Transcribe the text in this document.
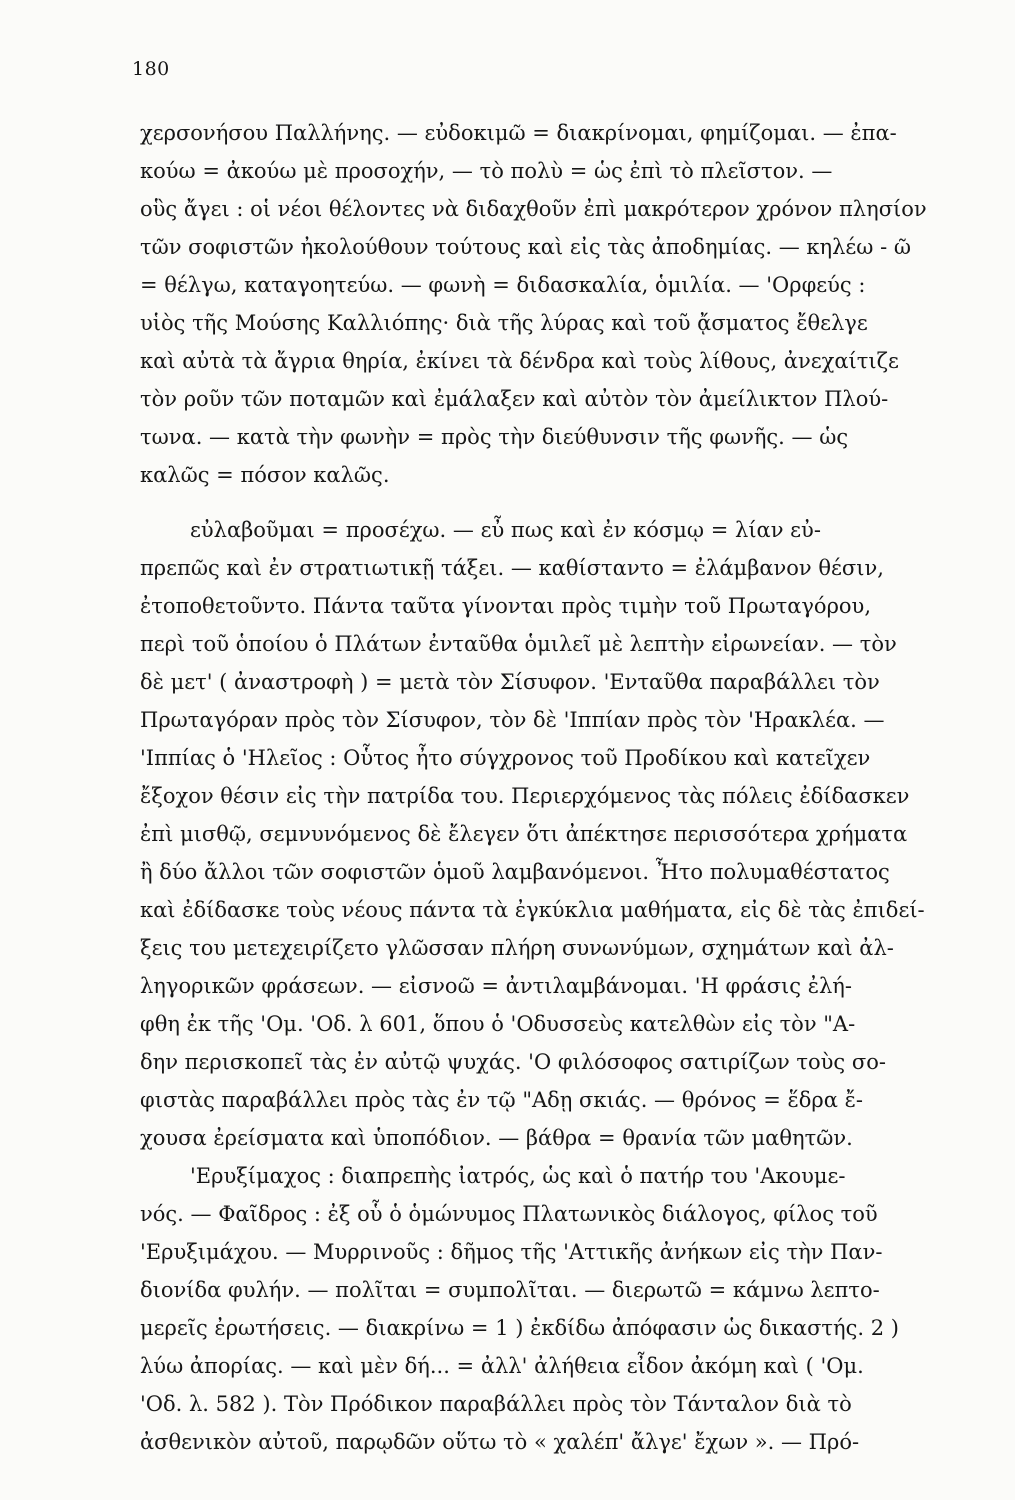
180
χερσονήσου Παλλήνης. — εὐδοκιμῶ = διακρίνομαι, φημίζομαι. — ἐπα-
κούω = ἀκούω μὲ προσοχήν, — τὸ πολὺ = ὡς ἐπὶ τὸ πλεῖστον. —
οὓς ἄγει : οἱ νέοι θέλοντες νὰ διδαχθοῦν ἐπὶ μακρότερον χρόνον πλησίον
τῶν σοφιστῶν ἠκολούθουν τούτους καὶ εἰς τὰς ἀποδημίας. — κηλέω - ῶ
= θέλγω, καταγοητεύω. — φωνὴ = διδασκαλία, ὁμιλία. — 'Ορφεύς :
υἱὸς τῆς Μούσης Καλλιόπης· διὰ τῆς λύρας καὶ τοῦ ᾄσματος ἔθελγε
καὶ αὐτὰ τὰ ἄγρια θηρία, ἐκίνει τὰ δένδρα καὶ τοὺς λίθους, ἀνεχαίτιζε
τὸν ροῦν τῶν ποταμῶν καὶ ἐμάλαξεν καὶ αὐτὸν τὸν ἀμείλικτον Πλού-
τωνα. — κατὰ τὴν φωνὴν = πρὸς τὴν διεύθυνσιν τῆς φωνῆς. — ὡς
καλῶς = πόσον καλῶς.
εὐλαβοῦμαι = προσέχω. — εὖ πως καὶ ἐν κόσμῳ = λίαν εὐ-
πρεπῶς καὶ ἐν στρατιωτικῇ τάξει. — καθίσταντο = ἐλάμβανον θέσιν,
ἐτοποθετοῦντο. Πάντα ταῦτα γίνονται πρὸς τιμὴν τοῦ Πρωταγόρου,
περὶ τοῦ ὁποίου ὁ Πλάτων ἐνταῦθα ὁμιλεῖ μὲ λεπτὴν εἰρωνείαν. — τὸν
δὲ μετ' ( ἀναστροφὴ ) = μετὰ τὸν Σίσυφον. 'Ενταῦθα παραβάλλει τὸν
Πρωταγόραν πρὸς τὸν Σίσυφον, τὸν δὲ 'Ιππίαν πρὸς τὸν 'Ηρακλέα. —
'Ιππίας ὁ 'Ηλεῖος : Οὗτος ἦτο σύγχρονος τοῦ Προδίκου καὶ κατεῖχεν
ἔξοχον θέσιν εἰς τὴν πατρίδα του. Περιερχόμενος τὰς πόλεις ἐδίδασκεν
ἐπὶ μισθῷ, σεμνυνόμενος δὲ ἔλεγεν ὅτι ἀπέκτησε περισσότερα χρήματα
ἢ δύο ἄλλοι τῶν σοφιστῶν ὁμοῦ λαμβανόμενοι. Ἦτο πολυμαθέστατος
καὶ ἐδίδασκε τοὺς νέους πάντα τὰ ἐγκύκλια μαθήματα, εἰς δὲ τὰς ἐπιδεί-
ξεις του μετεχειρίζετο γλῶσσαν πλήρη συνωνύμων, σχημάτων καὶ ἀλ-
ληγορικῶν φράσεων. — εἰσνοῶ = ἀντιλαμβάνομαι. 'Η φράσις ἐλή-
φθη ἐκ τῆς 'Ομ. 'Οδ. λ 601, ὅπου ὁ 'Οδυσσεὺς κατελθὼν εἰς τὸν "Α-
δην περισκοπεῖ τὰς ἐν αὐτῷ ψυχάς. 'Ο φιλόσοφος σατιρίζων τοὺς σο-
φιστὰς παραβάλλει πρὸς τὰς ἐν τῷ "Αδῃ σκιάς. — θρόνος = ἕδρα ἔ-
χουσα ἐρείσματα καὶ ὑποπόδιον. — βάθρα = θρανία τῶν μαθητῶν.
'Ερυξίμαχος : διαπρεπὴς ἰατρός, ὡς καὶ ὁ πατήρ του 'Ακουμε-
νός. — Φαῖδρος : ἐξ οὗ ὁ ὁμώνυμος Πλατωνικὸς διάλογος, φίλος τοῦ
'Ερυξιμάχου. — Μυρρινοῦς : δῆμος τῆς 'Αττικῆς ἀνήκων εἰς τὴν Παν-
διονίδα φυλήν. — πολῖται = συμπολῖται. — διερωτῶ = κάμνω λεπτο-
μερεῖς ἐρωτήσεις. — διακρίνω = 1 ) ἐκδίδω ἀπόφασιν ὡς δικαστής. 2 )
λύω ἀπορίας. — καὶ μὲν δή... = ἀλλ' ἀλήθεια εἶδον ἀκόμη καὶ ( 'Ομ.
'Οδ. λ. 582 ). Τὸν Πρόδικον παραβάλλει πρὸς τὸν Τάνταλον διὰ τὸ
ἀσθενικὸν αὐτοῦ, παρῳδῶν οὕτω τὸ « χαλέπ' ἄλγε' ἔχων ». — Πρό-
